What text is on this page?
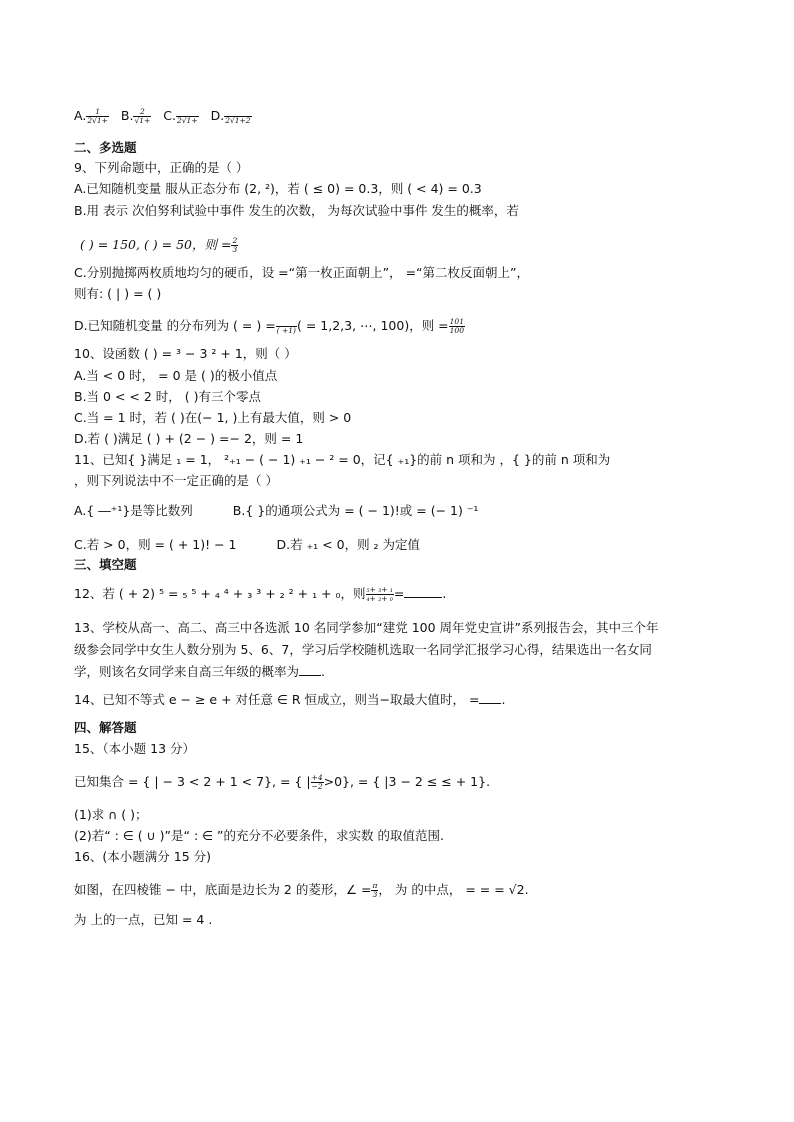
A. $\frac{1}{2√1+} B$. $\frac{2}{√1+} C$.
2√1+ D.
2√1+2
二、多选题
9、下列命题中，正确的是（ ）
A.已知随机变量 服从正态分布 (2, ²)，若 ( ≤ 0) = 0.3，则 ( < 4) = 0.3
B.用 表示 次伯努利试验中事件 发生的次数， 为每次试验中事件 发生的概率，若
( ) = 150, ( ) = 50，则 = $\frac{2}{3}$
C.分别抛掷两枚质地均匀的硬币，设 =“第一枚正面朝上”， =“第二枚反面朝上”，
则有: ( | ) = ( )
D.已知随机变量 的分布列为 ( = ) =
( +1) ( = 1,2,3, ⋯, 100)，则 = $\frac{101}{100}$
10、设函数 ( ) = ³ − 3 ² + 1，则（ ）
A.当 < 0 时， = 0 是 ( )的极小值点
B.当 0 < < 2 时， ( )有三个零点
C.当 = 1 时，若 ( )在(− 1, )上有最大值，则 > 0
D.若 ( )满足 ( ) + (2 − ) =− 2，则 = 1
11、已知{ }满足 ₁ = 1， ²₊₁ − ( − 1) ₊₁ − ² = 0，记{ ₊₁}的前 n 项和为 ，{ }的前 n 项和为
，则下列说法中不一定正确的是（ ）
A.{ ―⁺¹}是等比数列	B.{ }的通项公式为 = ( − 1)!或 = (− 1) ⁻¹
C.若 > 0，则 = ( + 1)! − 1	D.若 ₊₁ < 0，则 ₂ 为定值
三、填空题
12、若 ( + 2) ⁵ = ₅ ⁵ + ₄ ⁴ + ₃ ³ + ₂ ² + ₁ + ₀，则 $\frac{\text{₅+ ₃+ ₁}}{\text{₄+ ₂+ ₀}}$ =	.
13、学校从高一、高二、高三中各选派 10 名同学参加“建党 100 周年党史宣讲”系列报告会，其中三个年
级参会同学中女生人数分别为 5、6、7，学习后学校随机选取一名同学汇报学习心得，结果选出一名女同
学，则该名女同学来自高三年级的概率为 .
14、已知不等式 e − ≥ e + 对任意 ∈ R 恒成立，则当−取最大值时， = .
四、解答题
15、（本小题 13 分）
已知集合 = { | − 3 < 2 + 1 < 7}, = { | $\frac{+4}{-2} >0$}, = { |3 − 2 ≤ ≤ + 1}.
(1)求 ∩ ( )；
(2)若“ : ∈ ( ∪ )”是“ : ∈ ”的充分不必要条件，求实数 的取值范围.
16、(本小题满分 15 分)
如图，在四棱锥 − 中，底面是边长为 2 的菱形，∠ = $\frac{\pi}{3}$ ， 为 的中点， = = = √2.
为 上的一点，已知 = 4 .
